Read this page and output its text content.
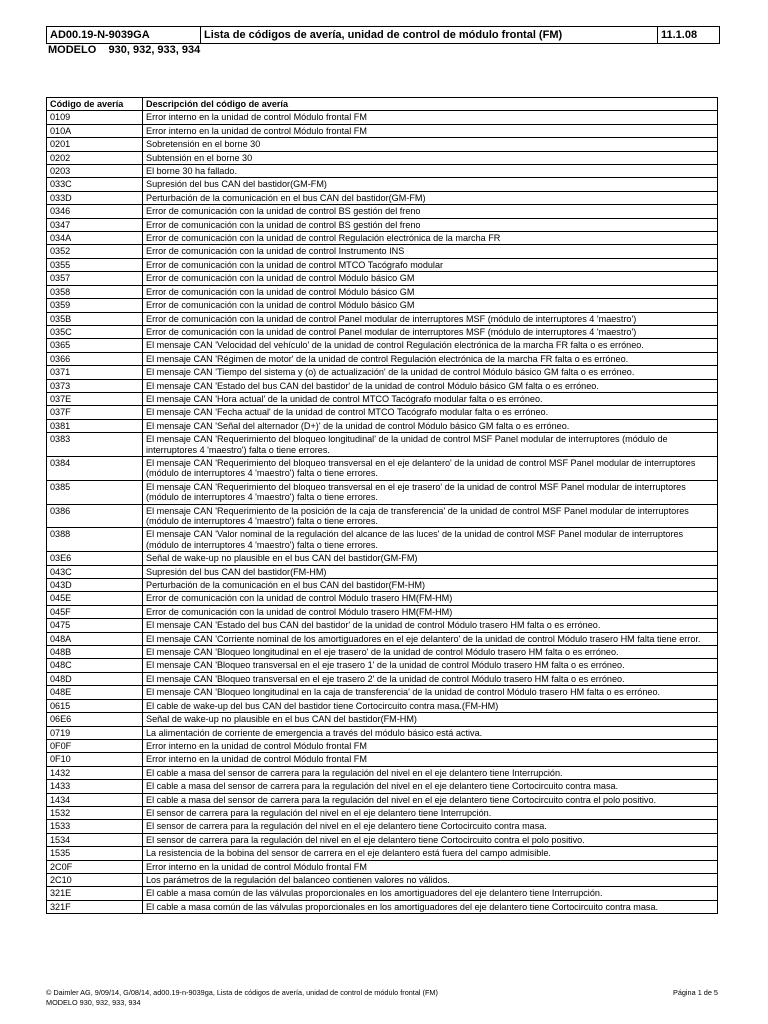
AD00.19-N-9039GA	Lista de códigos de avería, unidad de control de módulo frontal (FM)	11.1.08
MODELO    930, 932, 933, 934
Código de avería	Descripción del código de avería
0109	Error interno en la unidad de control Módulo frontal FM
010A	Error interno en la unidad de control Módulo frontal FM
0201	Sobretensión en el borne 30
0202	Subtensión en el borne 30
0203	El borne 30 ha fallado.
033C	Supresión del bus CAN del bastidor(GM-FM)
033D	Perturbación de la comunicación en el bus CAN del bastidor(GM-FM)
0346	Error de comunicación con la unidad de control BS gestión del freno
0347	Error de comunicación con la unidad de control BS gestión del freno
034A	Error de comunicación con la unidad de control Regulación electrónica de la marcha FR
0352	Error de comunicación con la unidad de control Instrumento INS
0355	Error de comunicación con la unidad de control MTCO Tacógrafo modular
0357	Error de comunicación con la unidad de control Módulo básico GM
0358	Error de comunicación con la unidad de control Módulo básico GM
0359	Error de comunicación con la unidad de control Módulo básico GM
035B	Error de comunicación con la unidad de control Panel modular de interruptores MSF (módulo de interruptores 4 'maestro')
035C	Error de comunicación con la unidad de control Panel modular de interruptores MSF (módulo de interruptores 4 'maestro')
0365	El mensaje CAN 'Velocidad del vehículo' de la unidad de control Regulación electrónica de la marcha FR falta o es erróneo.
0366	El mensaje CAN 'Régimen de motor' de la unidad de control Regulación electrónica de la marcha FR falta o es erróneo.
0371	El mensaje CAN 'Tiempo del sistema y (o) de actualización' de la unidad de control Módulo básico GM falta o es erróneo.
0373	El mensaje CAN 'Estado del bus CAN del bastidor' de la unidad de control Módulo básico GM falta o es erróneo.
037E	El mensaje CAN 'Hora actual' de la unidad de control MTCO Tacógrafo modular falta o es erróneo.
037F	El mensaje CAN 'Fecha actual' de la unidad de control MTCO Tacógrafo modular falta o es erróneo.
0381	El mensaje CAN 'Señal del alternador (D+)' de la unidad de control Módulo básico GM falta o es erróneo.
0383	El mensaje CAN 'Requerimiento del bloqueo longitudinal' de la unidad de control MSF Panel modular de interruptores (módulo de interruptores 4 'maestro') falta o tiene errores.
0384	El mensaje CAN 'Requerimiento del bloqueo transversal en el eje delantero' de la unidad de control MSF Panel modular de interruptores (módulo de interruptores 4 'maestro') falta o tiene errores.
0385	El mensaje CAN 'Requerimiento del bloqueo transversal en el eje trasero' de la unidad de control MSF Panel modular de interruptores (módulo de interruptores 4 'maestro') falta o tiene errores.
0386	El mensaje CAN 'Requerimiento de la posición de la caja de transferencia' de la unidad de control MSF Panel modular de interruptores (módulo de interruptores 4 'maestro') falta o tiene errores.
0388	El mensaje CAN 'Valor nominal de la regulación del alcance de las luces' de la unidad de control MSF Panel modular de interruptores (módulo de interruptores 4 'maestro') falta o tiene errores.
03E6	Señal de wake-up no plausible en el bus CAN del bastidor(GM-FM)
043C	Supresión del bus CAN del bastidor(FM-HM)
043D	Perturbación de la comunicación en el bus CAN del bastidor(FM-HM)
045E	Error de comunicación con la unidad de control Módulo trasero HM(FM-HM)
045F	Error de comunicación con la unidad de control Módulo trasero HM(FM-HM)
0475	El mensaje CAN 'Estado del bus CAN del bastidor' de la unidad de control Módulo trasero HM falta o es erróneo.
048A	El mensaje CAN 'Corriente nominal de los amortiguadores en el eje delantero' de la unidad de control Módulo trasero HM falta tiene error.
048B	El mensaje CAN 'Bloqueo longitudinal en el eje trasero' de la unidad de control Módulo trasero HM falta o es erróneo.
048C	El mensaje CAN 'Bloqueo transversal en el eje trasero 1' de la unidad de control Módulo trasero HM falta o es erróneo.
048D	El mensaje CAN 'Bloqueo transversal en el eje trasero 2' de la unidad de control Módulo trasero HM falta o es erróneo.
048E	El mensaje CAN 'Bloqueo longitudinal en la caja de transferencia' de la unidad de control Módulo trasero HM falta o es erróneo.
0615	El cable de wake-up del bus CAN del bastidor tiene Cortocircuito contra masa.(FM-HM)
06E6	Señal de wake-up no plausible en el bus CAN del bastidor(FM-HM)
0719	La alimentación de corriente de emergencia a través del módulo básico está activa.
0F0F	Error interno en la unidad de control Módulo frontal FM
0F10	Error interno en la unidad de control Módulo frontal FM
1432	El cable a masa del sensor de carrera para la regulación del nivel en el eje delantero tiene Interrupción.
1433	El cable a masa del sensor de carrera para la regulación del nivel en el eje delantero tiene Cortocircuito contra masa.
1434	El cable a masa del sensor de carrera para la regulación del nivel en el eje delantero tiene Cortocircuito contra el polo positivo.
1532	El sensor de carrera para la regulación del nivel en el eje delantero tiene Interrupción.
1533	El sensor de carrera para la regulación del nivel en el eje delantero tiene Cortocircuito contra masa.
1534	El sensor de carrera para la regulación del nivel en el eje delantero tiene Cortocircuito contra el polo positivo.
1535	La resistencia de la bobina del sensor de carrera en el eje delantero está fuera del campo admisible.
2C0F	Error interno en la unidad de control Módulo frontal FM
2C10	Los parámetros de la regulación del balanceo contienen valores no válidos.
321E	El cable a masa común de las válvulas proporcionales en los amortiguadores del eje delantero tiene Interrupción.
321F	El cable a masa común de las válvulas proporcionales en los amortiguadores del eje delantero tiene Cortocircuito contra masa.
© Daimler AG, 9/09/14, G/08/14, ad00.19-n-9039ga, Lista de códigos de avería, unidad de control de módulo frontal (FM)	Página 1 de 5
MODELO 930, 932, 933, 934
